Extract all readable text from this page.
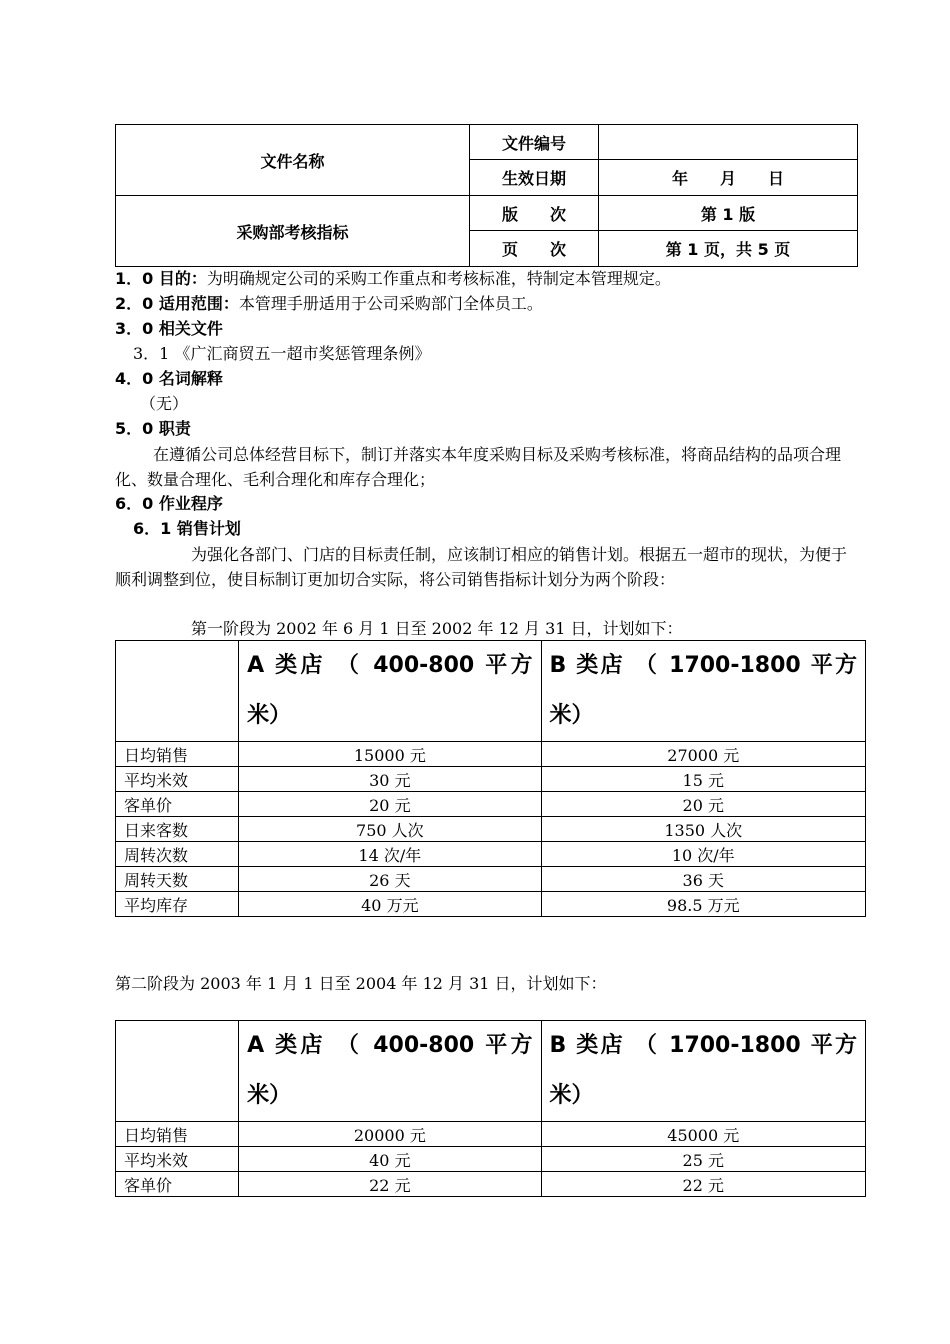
文件名称	文件编号	
	生效日期	年　　月　　日
采购部考核指标	版　　次	第 1 版
	页　　次	第 1 页，共 5 页
1．0 目的：为明确规定公司的采购工作重点和考核标准，特制定本管理规定。
2．0 适用范围：本管理手册适用于公司采购部门全体员工。
3．0 相关文件
3．1 《广汇商贸五一超市奖惩管理条例》
4．0 名词解释
（无）
5．0 职责
在遵循公司总体经营目标下，制订并落实本年度采购目标及采购考核标准，将商品结构的品项合理化、数量合理化、毛利合理化和库存合理化；
6．0 作业程序
6．1 销售计划
为强化各部门、门店的目标责任制，应该制订相应的销售计划。根据五一超市的现状，为便于顺利调整到位，使目标制订更加切合实际，将公司销售指标计划分为两个阶段：
第一阶段为 2002 年 6 月 1 日至 2002 年 12 月 31 日，计划如下：
	A 类店 （ 400-800 平方米）	B 类店 （ 1700-1800 平方米）
日均销售	15000 元	27000 元
平均米效	30 元	15 元
客单价	20 元	20 元
日来客数	750 人次	1350 人次
周转次数	14 次/年	10 次/年
周转天数	26 天	36 天
平均库存	40 万元	98.5 万元
第二阶段为 2003 年 1 月 1 日至 2004 年 12 月 31 日，计划如下：
	A 类店 （ 400-800 平方米）	B 类店 （ 1700-1800 平方米）
日均销售	20000 元	45000 元
平均米效	40 元	25 元
客单价	22 元	22 元
